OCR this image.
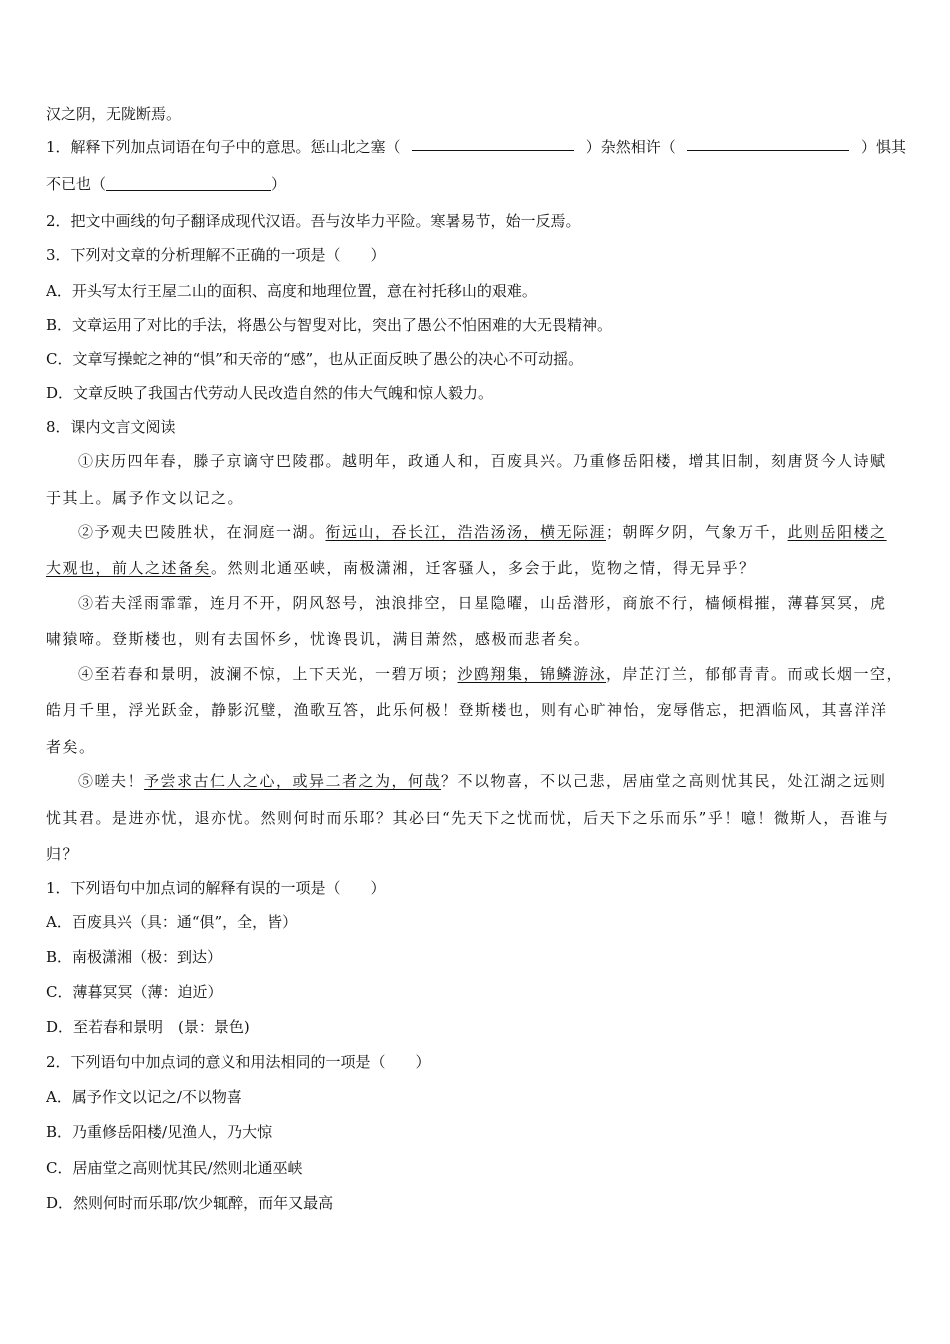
汉之阴，无陇断焉。
1．解释下列加点词语在句子中的意思。惩山北之塞（	）杂然相许（	）惧其
不已也（	）
2．把文中画线的句子翻译成现代汉语。吾与汝毕力平险。寒暑易节，始一反焉。
3．下列对文章的分析理解不正确的一项是（　　）
A．开头写太行王屋二山的面积、高度和地理位置，意在衬托移山的艰难。
B．文章运用了对比的手法，将愚公与智叟对比，突出了愚公不怕困难的大无畏精神。
C．文章写操蛇之神的“惧”和天帝的“感”，也从正面反映了愚公的决心不可动摇。
D．文章反映了我国古代劳动人民改造自然的伟大气魄和惊人毅力。
8．课内文言文阅读
①庆历四年春，滕子京谪守巴陵郡。越明年，政通人和，百废具兴。乃重修岳阳楼，增其旧制，刻唐贤今人诗赋
于其上。属予作文以记之。
②予观夫巴陵胜状，在洞庭一湖。衔远山，吞长江，浩浩汤汤，横无际涯；朝晖夕阴，气象万千，此则岳阳楼之
大观也，前人之述备矣。然则北通巫峡，南极潇湘，迁客骚人，多会于此，览物之情，得无异乎？
③若夫淫雨霏霏，连月不开，阴风怒号，浊浪排空，日星隐曜，山岳潜形，商旅不行，樯倾楫摧，薄暮冥冥，虎
啸猿啼。登斯楼也，则有去国怀乡，忧谗畏讥，满目萧然，感极而悲者矣。
④至若春和景明，波澜不惊，上下天光，一碧万顷；沙鸥翔集，锦鳞游泳，岸芷汀兰，郁郁青青。而或长烟一空，
皓月千里，浮光跃金，静影沉璧，渔歌互答，此乐何极！登斯楼也，则有心旷神怡，宠辱偕忘，把酒临风，其喜洋洋
者矣。
⑤嗟夫！予尝求古仁人之心，或异二者之为，何哉？不以物喜，不以己悲，居庙堂之高则忧其民，处江湖之远则
忧其君。是进亦忧，退亦忧。然则何时而乐耶？其必曰“先天下之忧而忧，后天下之乐而乐”乎！噫！微斯人，吾谁与
归？
1．下列语句中加点词的解释有误的一项是（　　）
A．百废具兴（具：通“俱”，全，皆）
B．南极潇湘（极：到达）
C．薄暮冥冥（薄：迫近）
D．至若春和景明　(景：景色)
2．下列语句中加点词的意义和用法相同的一项是（　　）
A．属予作文以记之/不以物喜
B．乃重修岳阳楼/见渔人，乃大惊
C．居庙堂之高则忧其民/然则北通巫峡
D．然则何时而乐耶/饮少辄醉，而年又最高
